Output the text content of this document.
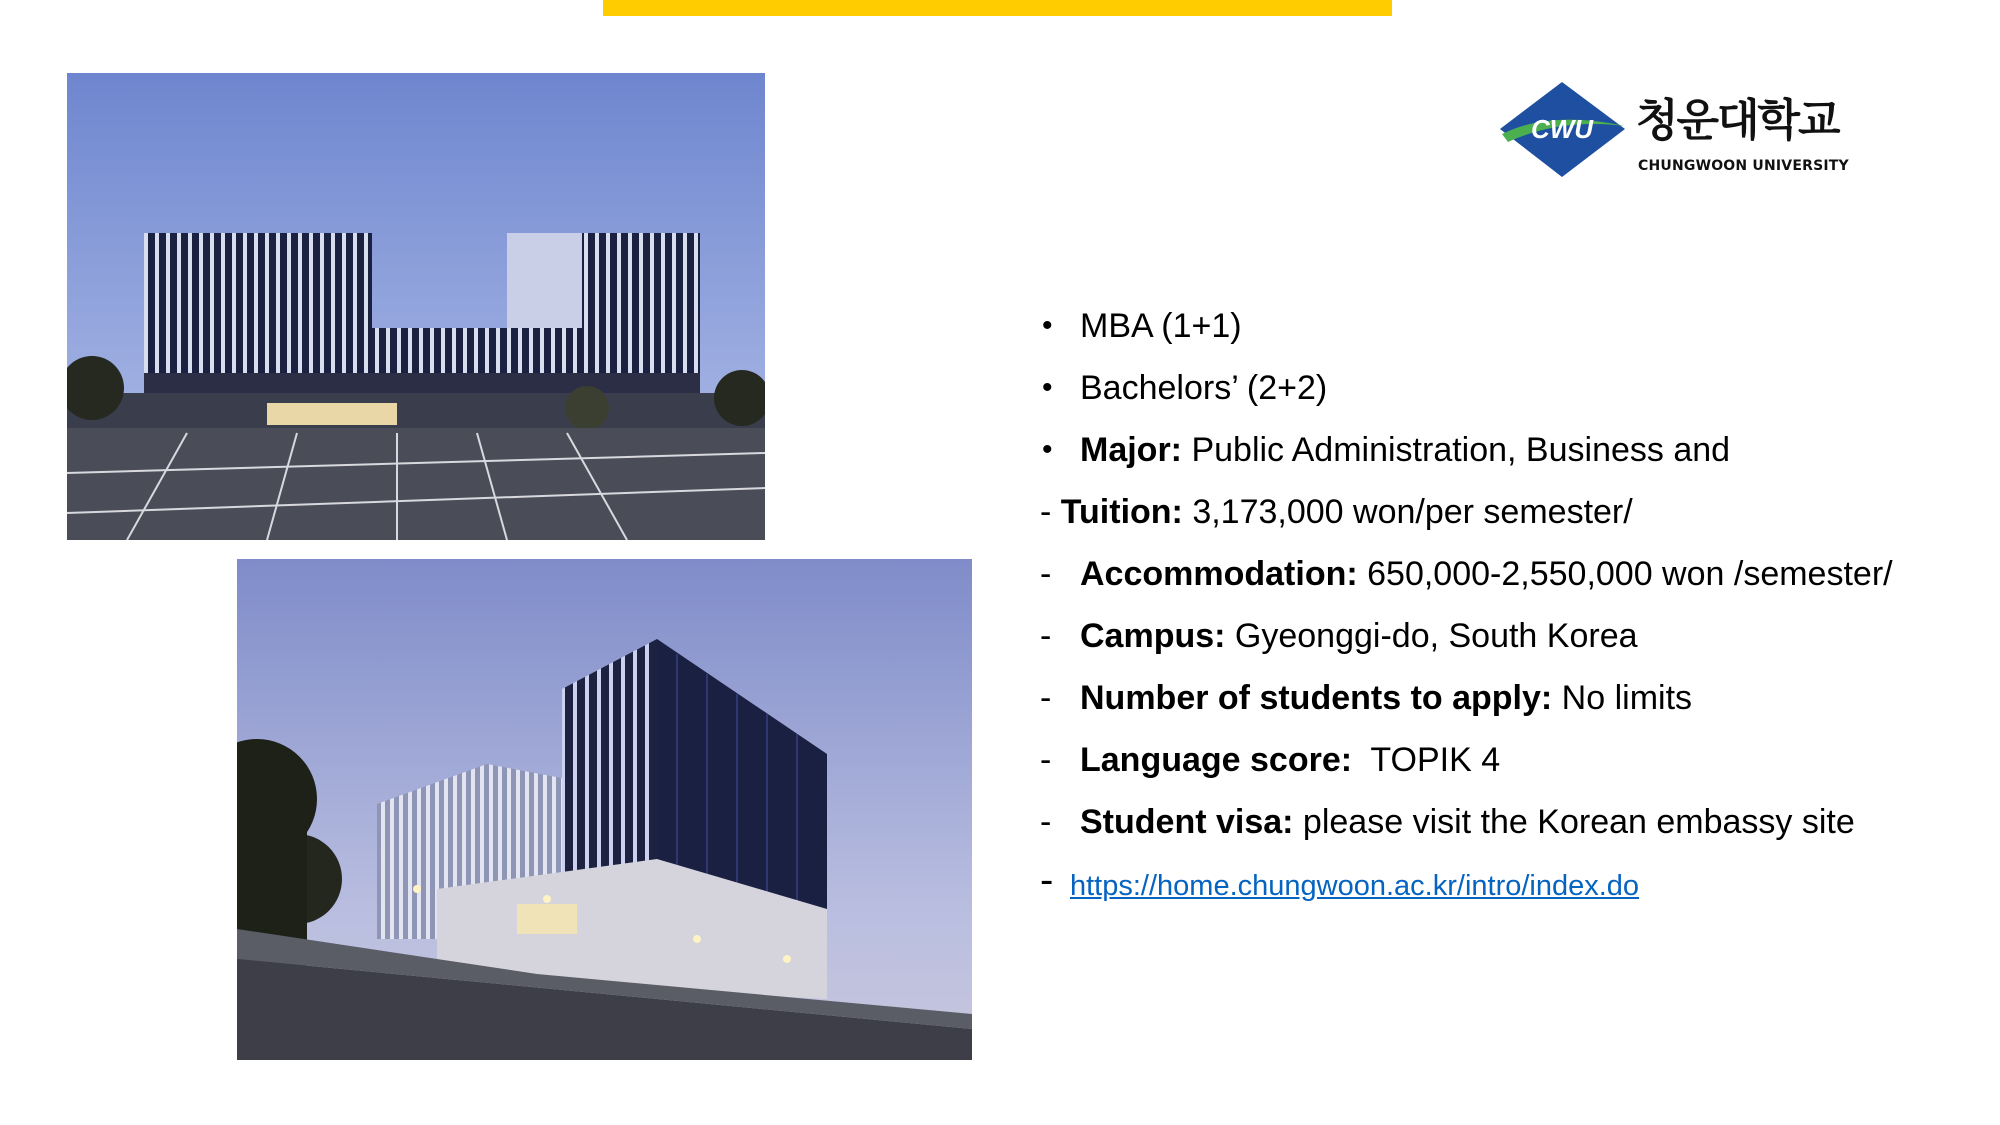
CWU 청운대학교
CHUNGWOON UNIVERSITY
• MBA (1+1)
• Bachelors’ (2+2)
• Major: Public Administration, Business and
- Tuition: 3,173,000 won/per semester/
- Accommodation: 650,000-2,550,000 won /semester/
- Campus: Gyeonggi-do, South Korea
- Number of students to apply: No limits
- Language score:  TOPIK 4
- Student visa: please visit the Korean embassy site
- https://home.chungwoon.ac.kr/intro/index.do
